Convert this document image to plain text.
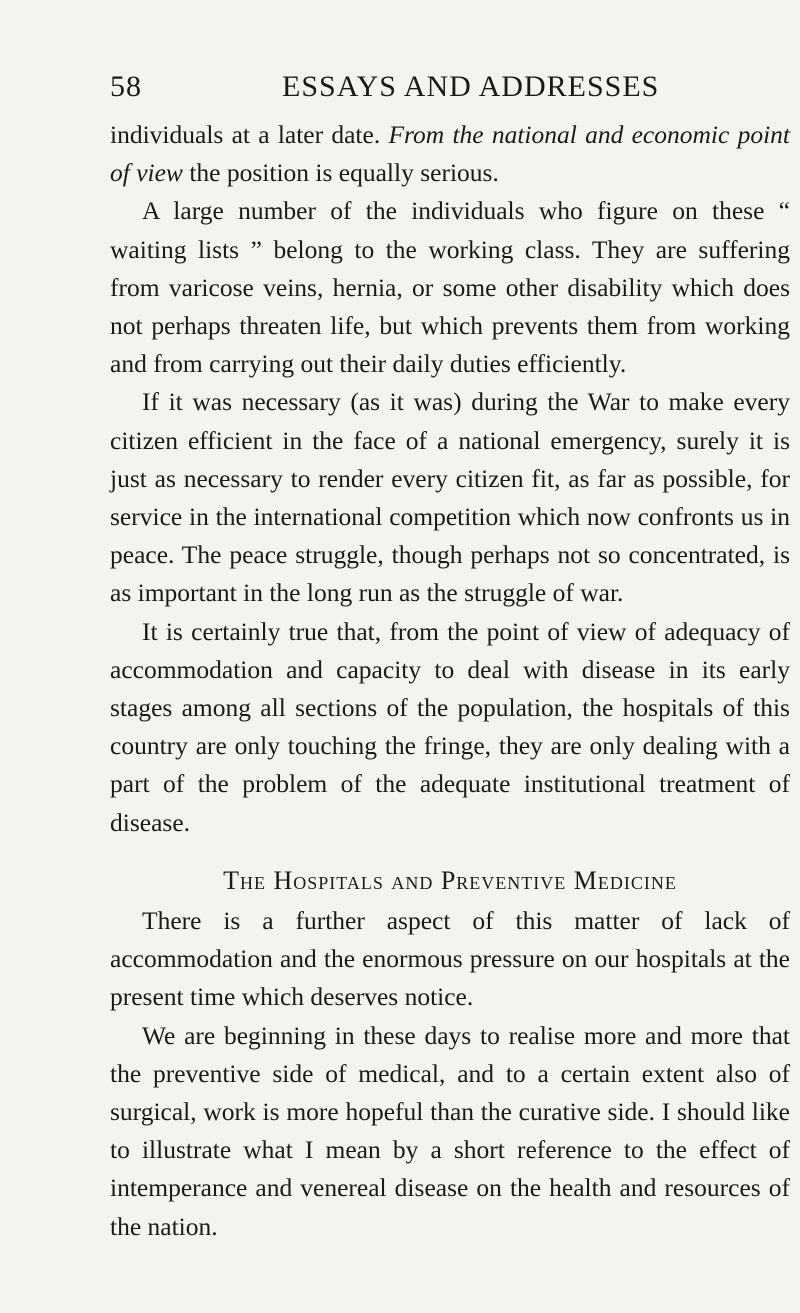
58	ESSAYS AND ADDRESSES

individuals at a later date. From the national and economic point of view the position is equally serious.

A large number of the individuals who figure on these “ waiting lists ” belong to the working class. They are suffering from varicose veins, hernia, or some other disability which does not perhaps threaten life, but which prevents them from working and from carrying out their daily duties efficiently.

If it was necessary (as it was) during the War to make every citizen efficient in the face of a national emergency, surely it is just as necessary to render every citizen fit, as far as possible, for service in the international competition which now confronts us in peace. The peace struggle, though perhaps not so concentrated, is as important in the long run as the struggle of war.

It is certainly true that, from the point of view of adequacy of accommodation and capacity to deal with disease in its early stages among all sections of the population, the hospitals of this country are only touching the fringe, they are only dealing with a part of the problem of the adequate institutional treatment of disease.

The Hospitals and Preventive Medicine

There is a further aspect of this matter of lack of accommodation and the enormous pressure on our hospitals at the present time which deserves notice.

We are beginning in these days to realise more and more that the preventive side of medical, and to a certain extent also of surgical, work is more hopeful than the curative side. I should like to illustrate what I mean by a short reference to the effect of intemperance and venereal disease on the health and resources of the nation.
